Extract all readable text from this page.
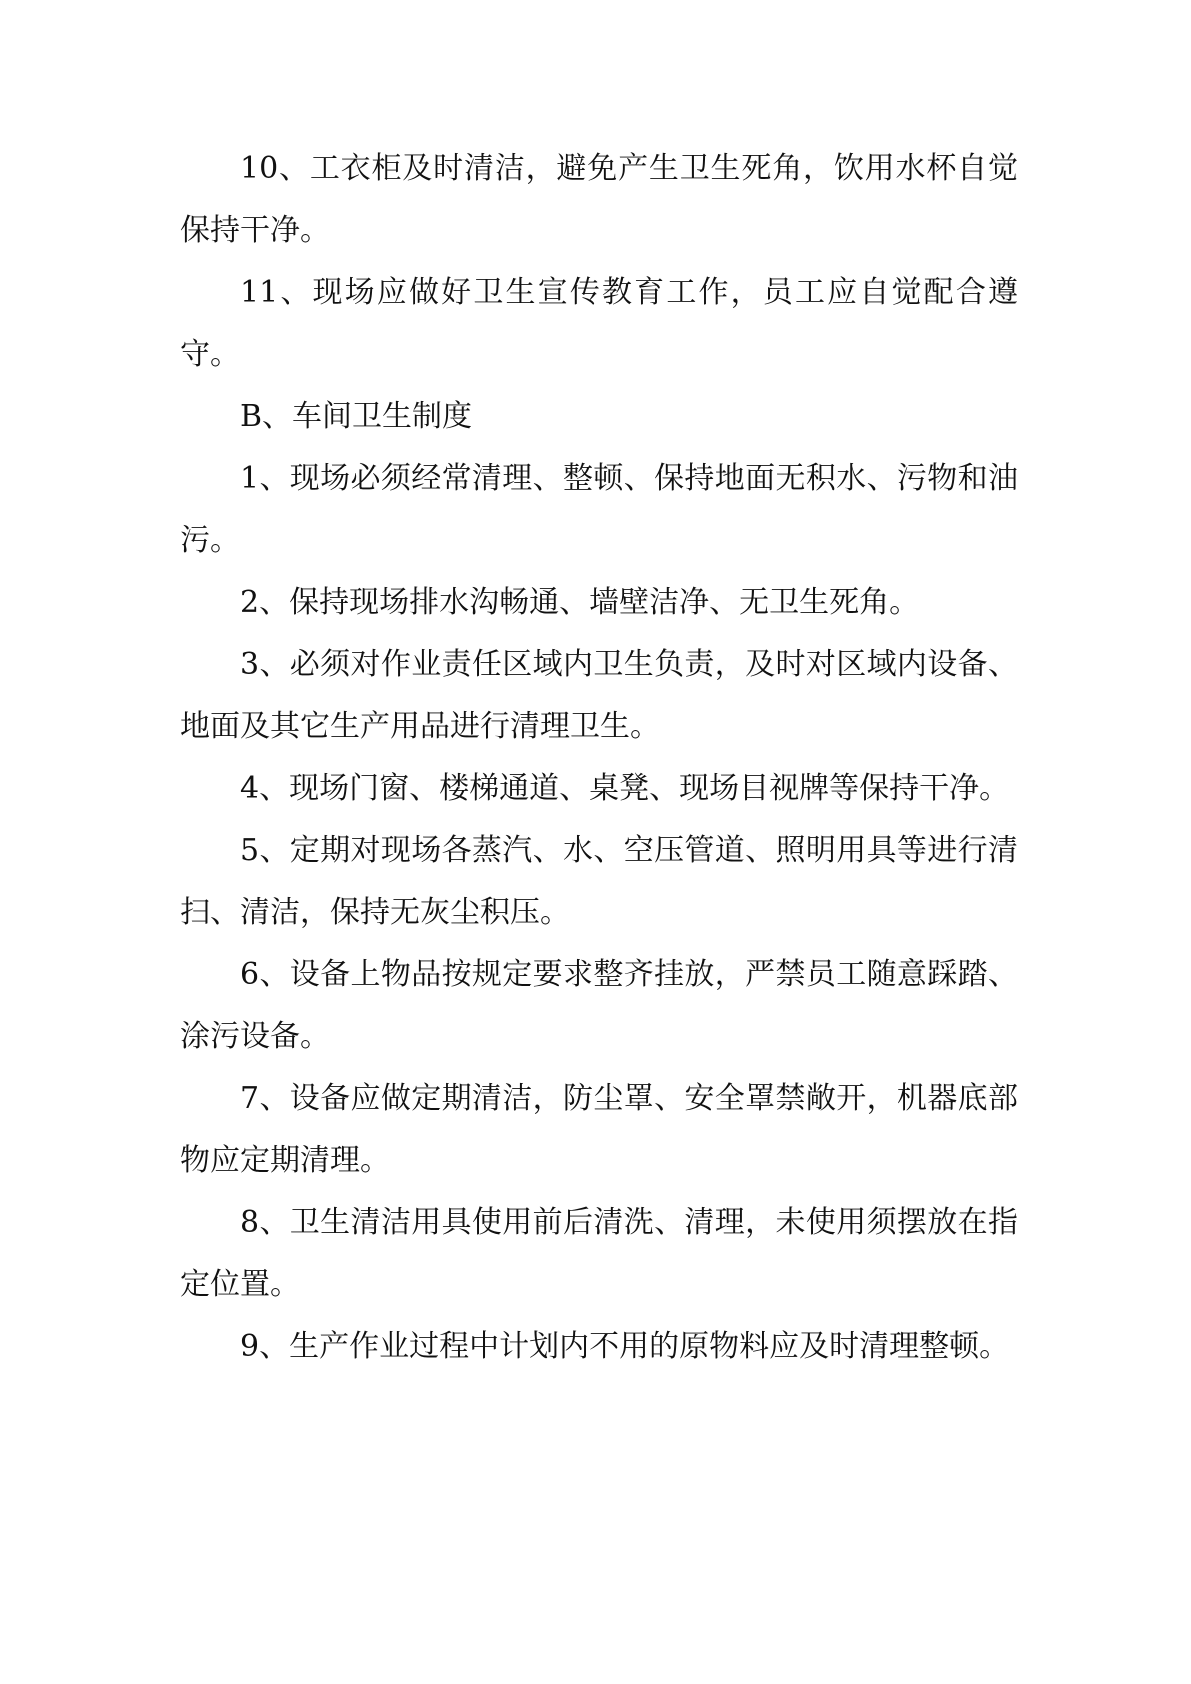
10、工衣柜及时清洁，避免产生卫生死角，饮用水杯自觉保持干净。

11、现场应做好卫生宣传教育工作，员工应自觉配合遵守。

B、车间卫生制度

1、现场必须经常清理、整顿、保持地面无积水、污物和油污。

2、保持现场排水沟畅通、墙壁洁净、无卫生死角。

3、必须对作业责任区域内卫生负责，及时对区域内设备、地面及其它生产用品进行清理卫生。

4、现场门窗、楼梯通道、桌凳、现场目视牌等保持干净。

5、定期对现场各蒸汽、水、空压管道、照明用具等进行清扫、清洁，保持无灰尘积压。

6、设备上物品按规定要求整齐挂放，严禁员工随意踩踏、涂污设备。

7、设备应做定期清洁，防尘罩、安全罩禁敞开，机器底部物应定期清理。

8、卫生清洁用具使用前后清洗、清理，未使用须摆放在指定位置。

9、生产作业过程中计划内不用的原物料应及时清理整顿。
